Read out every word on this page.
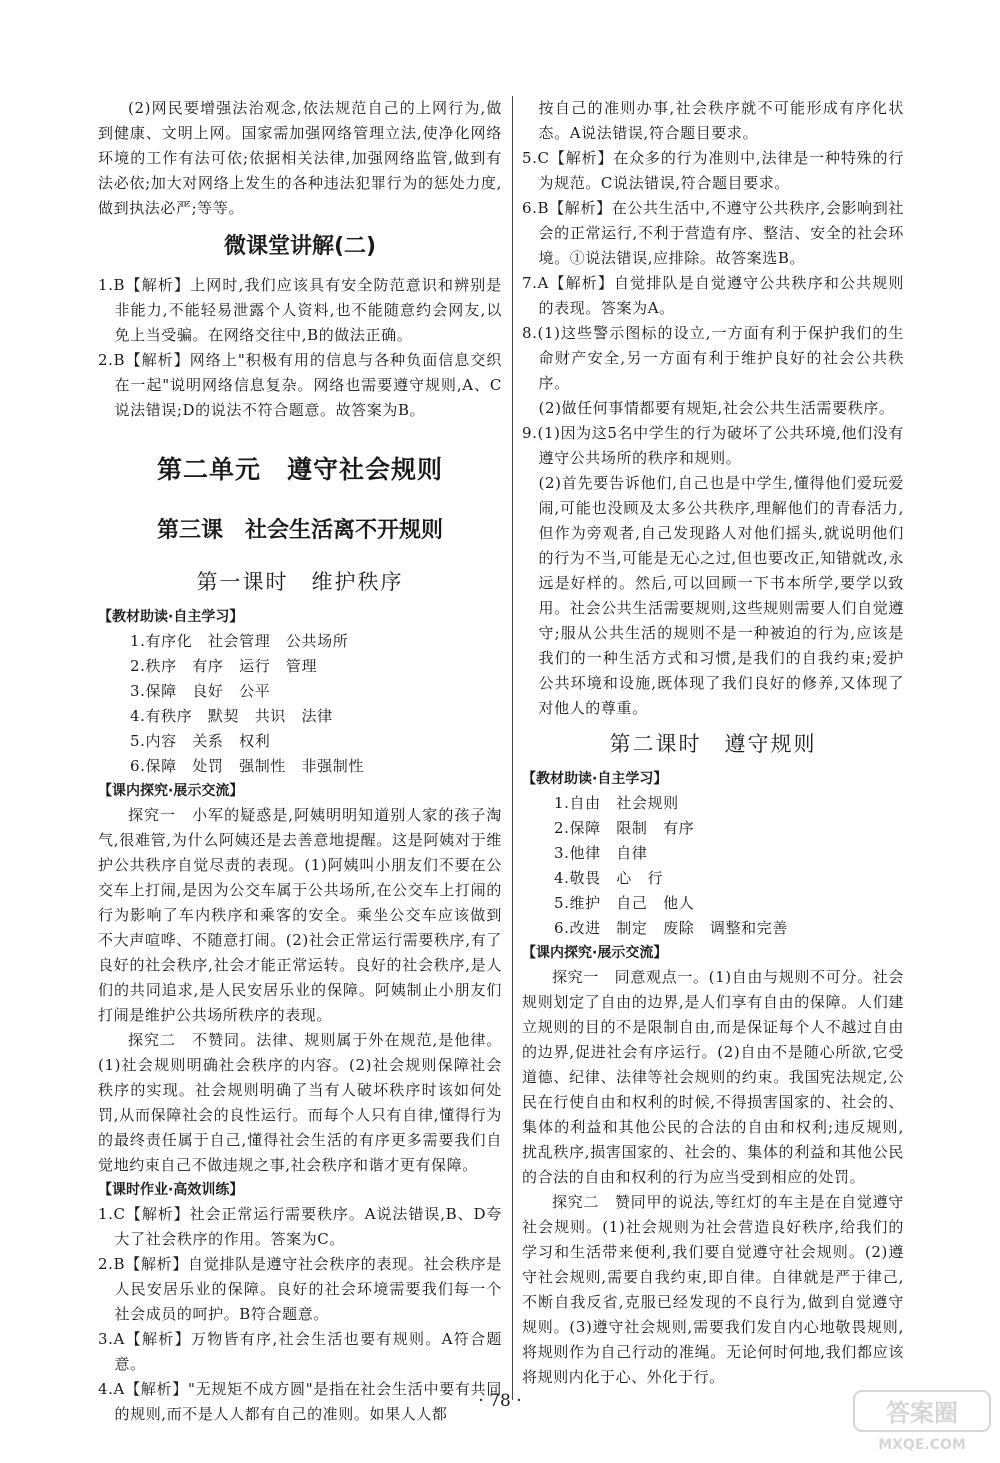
(2)网民要增强法治观念,依法规范自己的上网行为,做到健康、文明上网。国家需加强网络管理立法,使净化网络环境的工作有法可依;依据相关法律,加强网络监管,做到有法必依;加大对网络上发生的各种违法犯罪行为的惩处力度,做到执法必严;等等。

微课堂讲解(二)

1.B【解析】上网时,我们应该具有安全防范意识和辨别是非能力,不能轻易泄露个人资料,也不能随意约会网友,以免上当受骗。在网络交往中,B的做法正确。

2.B【解析】网络上"积极有用的信息与各种负面信息交织在一起"说明网络信息复杂。网络也需要遵守规则,A、C说法错误;D的说法不符合题意。故答案为B。

第二单元　遵守社会规则
第三课　社会生活离不开规则
第一课时　维护秩序

【教材助读·自主学习】

1.有序化　社会管理　公共场所

2.秩序　有序　运行　管理

3.保障　良好　公平

4.有秩序　默契　共识　法律

5.内容　关系　权利

6.保障　处罚　强制性　非强制性

【课内探究·展示交流】

探究一　小军的疑惑是,阿姨明明知道别人家的孩子淘气,很难管,为什么阿姨还是去善意地提醒。这是阿姨对于维护公共秩序自觉尽责的表现。(1)阿姨叫小朋友们不要在公交车上打闹,是因为公交车属于公共场所,在公交车上打闹的行为影响了车内秩序和乘客的安全。乘坐公交车应该做到不大声喧哗、不随意打闹。(2)社会正常运行需要秩序,有了良好的社会秩序,社会才能正常运转。良好的社会秩序,是人们的共同追求,是人民安居乐业的保障。阿姨制止小朋友们打闹是维护公共场所秩序的表现。

探究二　不赞同。法律、规则属于外在规范,是他律。(1)社会规则明确社会秩序的内容。(2)社会规则保障社会秩序的实现。社会规则明确了当有人破坏秩序时该如何处罚,从而保障社会的良性运行。而每个人只有自律,懂得行为的最终责任属于自己,懂得社会生活的有序更多需要我们自觉地约束自己不做违规之事,社会秩序和谐才更有保障。

【课时作业·高效训练】

1.C【解析】社会正常运行需要秩序。A说法错误,B、D夸大了社会秩序的作用。答案为C。

2.B【解析】自觉排队是遵守社会秩序的表现。社会秩序是人民安居乐业的保障。良好的社会环境需要我们每一个社会成员的呵护。B符合题意。

3.A【解析】万物皆有序,社会生活也要有规则。A符合题意。

4.A【解析】"无规矩不成方圆"是指在社会生活中要有共同的规则,而不是人人都有自己的准则。如果人人都

按自己的准则办事,社会秩序就不可能形成有序化状态。A说法错误,符合题目要求。

5.C【解析】在众多的行为准则中,法律是一种特殊的行为规范。C说法错误,符合题目要求。

6.B【解析】在公共生活中,不遵守公共秩序,会影响到社会的正常运行,不利于营造有序、整洁、安全的社会环境。①说法错误,应排除。故答案选B。

7.A【解析】自觉排队是自觉遵守公共秩序和公共规则的表现。答案为A。

8.(1)这些警示图标的设立,一方面有利于保护我们的生命财产安全,另一方面有利于维护良好的社会公共秩序。

(2)做任何事情都要有规矩,社会公共生活需要秩序。

9.(1)因为这5名中学生的行为破坏了公共环境,他们没有遵守公共场所的秩序和规则。

(2)首先要告诉他们,自己也是中学生,懂得他们爱玩爱闹,可能也没顾及太多公共秩序,理解他们的青春活力,但作为旁观者,自己发现路人对他们摇头,就说明他们的行为不当,可能是无心之过,但也要改正,知错就改,永远是好样的。然后,可以回顾一下书本所学,要学以致用。社会公共生活需要规则,这些规则需要人们自觉遵守;服从公共生活的规则不是一种被迫的行为,应该是我们的一种生活方式和习惯,是我们的自我约束;爱护公共环境和设施,既体现了我们良好的修养,又体现了对他人的尊重。

第二课时　遵守规则

【教材助读·自主学习】

1.自由　社会规则

2.保障　限制　有序

3.他律　自律

4.敬畏　心　行

5.维护　自己　他人

6.改进　制定　废除　调整和完善

【课内探究·展示交流】

探究一　同意观点一。(1)自由与规则不可分。社会规则划定了自由的边界,是人们享有自由的保障。人们建立规则的目的不是限制自由,而是保证每个人不越过自由的边界,促进社会有序运行。(2)自由不是随心所欲,它受道德、纪律、法律等社会规则的约束。我国宪法规定,公民在行使自由和权利的时候,不得损害国家的、社会的、集体的利益和其他公民的合法的自由和权利;违反规则,扰乱秩序,损害国家的、社会的、集体的利益和其他公民的合法的自由和权利的行为应当受到相应的处罚。

探究二　赞同甲的说法,等红灯的车主是在自觉遵守社会规则。(1)社会规则为社会营造良好秩序,给我们的学习和生活带来便利,我们要自觉遵守社会规则。(2)遵守社会规则,需要自我约束,即自律。自律就是严于律己,不断自我反省,克服已经发现的不良行为,做到自觉遵守规则。(3)遵守社会规则,需要我们发自内心地敬畏规则,将规则作为自己行动的准绳。无论何时何地,我们都应该将规则内化于心、外化于行。

· 78 ·	答案圈
MXQE.COM
